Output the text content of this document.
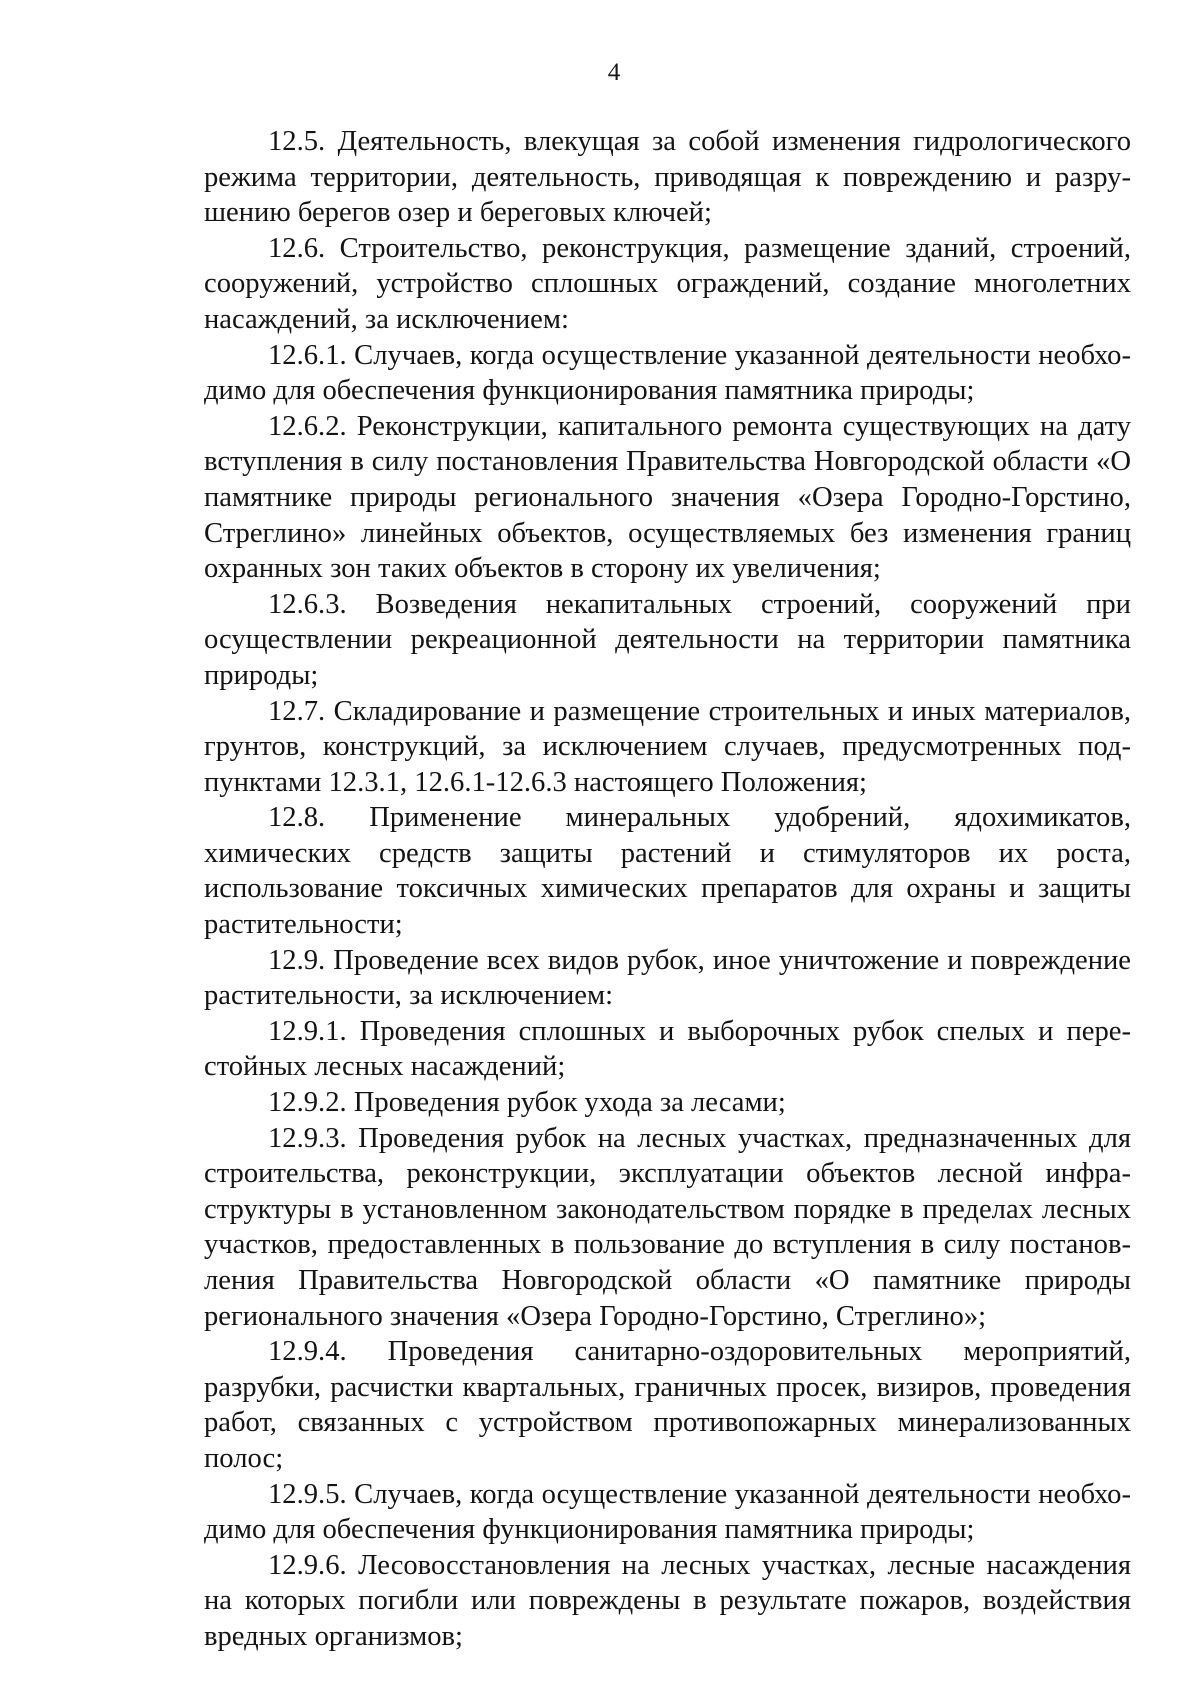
4

12.5. Деятельность, влекущая за собой изменения гидрологического режима территории, деятельность, приводящая к повреждению и разрушению берегов озер и береговых ключей;

12.6. Строительство, реконструкция, размещение зданий, строений, сооружений, устройство сплошных ограждений, создание многолетних насаждений, за исключением:

12.6.1. Случаев, когда осуществление указанной деятельности необходимо для обеспечения функционирования памятника природы;

12.6.2. Реконструкции, капитального ремонта существующих на дату вступления в силу постановления Правительства Новгородской области «О памятнике природы регионального значения «Озера Городно-Горстино, Стреглино» линейных объектов, осуществляемых без изменения границ охранных зон таких объектов в сторону их увеличения;

12.6.3. Возведения некапитальных строений, сооружений при осуществлении рекреационной деятельности на территории памятника природы;

12.7. Складирование и размещение строительных и иных материалов, грунтов, конструкций, за исключением случаев, предусмотренных подпунктами 12.3.1, 12.6.1-12.6.3 настоящего Положения;

12.8. Применение минеральных удобрений, ядохимикатов, химических средств защиты растений и стимуляторов их роста, использование токсичных химических препаратов для охраны и защиты растительности;

12.9. Проведение всех видов рубок, иное уничтожение и повреждение растительности, за исключением:

12.9.1. Проведения сплошных и выборочных рубок спелых и перестойных лесных насаждений;

12.9.2. Проведения рубок ухода за лесами;

12.9.3. Проведения рубок на лесных участках, предназначенных для строительства, реконструкции, эксплуатации объектов лесной инфраструктуры в установленном законодательством порядке в пределах лесных участков, предоставленных в пользование до вступления в силу постановления Правительства Новгородской области «О памятнике природы регионального значения «Озера Городно-Горстино, Стреглино»;

12.9.4. Проведения санитарно-оздоровительных мероприятий, разрубки, расчистки квартальных, граничных просек, визиров, проведения работ, связанных с устройством противопожарных минерализованных полос;

12.9.5. Случаев, когда осуществление указанной деятельности необходимо для обеспечения функционирования памятника природы;

12.9.6. Лесовосстановления на лесных участках, лесные насаждения на которых погибли или повреждены в результате пожаров, воздействия вредных организмов;
